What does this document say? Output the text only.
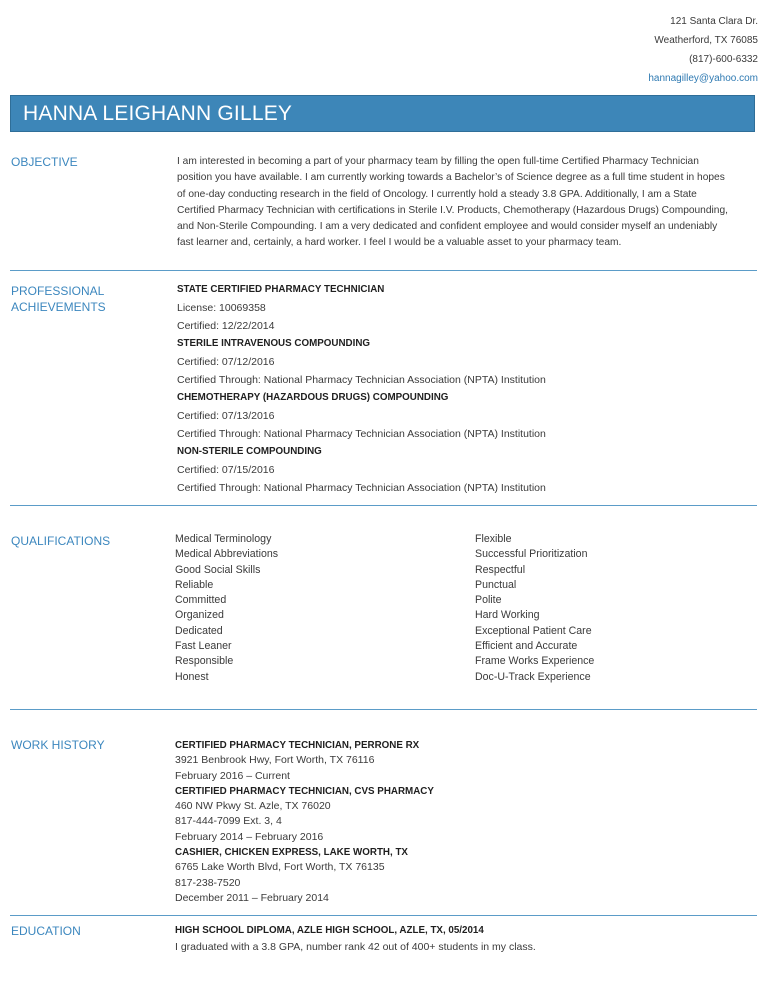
121 Santa Clara Dr.
Weatherford, TX 76085
(817)-600-6332
hannagilley@yahoo.com
HANNA LEIGHANN GILLEY
OBJECTIVE	I am interested in becoming a part of your pharmacy team by filling the open full-time Certified Pharmacy Technician position you have available. I am currently working towards a Bachelor’s of Science degree as a full time student in hopes of one-day conducting research in the field of Oncology. I currently hold a steady 3.8 GPA. Additionally, I am a State Certified Pharmacy Technician with certifications in Sterile I.V. Products, Chemotherapy (Hazardous Drugs) Compounding, and Non-Sterile Compounding. I am a very dedicated and confident employee and would consider myself an undeniably fast learner and, certainly, a hard worker. I feel I would be a valuable asset to your pharmacy team.
PROFESSIONAL
ACHIEVEMENTS
STATE CERTIFIED PHARMACY TECHNICIAN
License: 10069358
Certified: 12/22/2014
STERILE INTRAVENOUS COMPOUNDING
Certified: 07/12/2016
Certified Through: National Pharmacy Technician Association (NPTA) Institution
CHEMOTHERAPY (HAZARDOUS DRUGS) COMPOUNDING
Certified: 07/13/2016
Certified Through: National Pharmacy Technician Association (NPTA) Institution
NON-STERILE COMPOUNDING
Certified: 07/15/2016
Certified Through: National Pharmacy Technician Association (NPTA) Institution
QUALIFICATIONS	Medical Terminology
Medical Abbreviations
Good Social Skills
Reliable
Committed
Organized
Dedicated
Fast Leaner
Responsible
Honest
Flexible
Successful Prioritization
Respectful
Punctual
Polite
Hard Working
Exceptional Patient Care
Efficient and Accurate
Frame Works Experience
Doc-U-Track Experience
WORK HISTORY	CERTIFIED PHARMACY TECHNICIAN, PERRONE RX
3921 Benbrook Hwy, Fort Worth, TX 76116
February 2016 – Current
CERTIFIED PHARMACY TECHNICIAN, CVS PHARMACY
460 NW Pkwy St. Azle, TX 76020
817-444-7099 Ext. 3, 4
February 2014 – February 2016
CASHIER, CHICKEN EXPRESS, LAKE WORTH, TX
6765 Lake Worth Blvd, Fort Worth, TX 76135
817-238-7520
December 2011 – February 2014
EDUCATION	HIGH SCHOOL DIPLOMA, AZLE HIGH SCHOOL, AZLE, TX, 05/2014
I graduated with a 3.8 GPA, number rank 42 out of 400+ students in my class.
